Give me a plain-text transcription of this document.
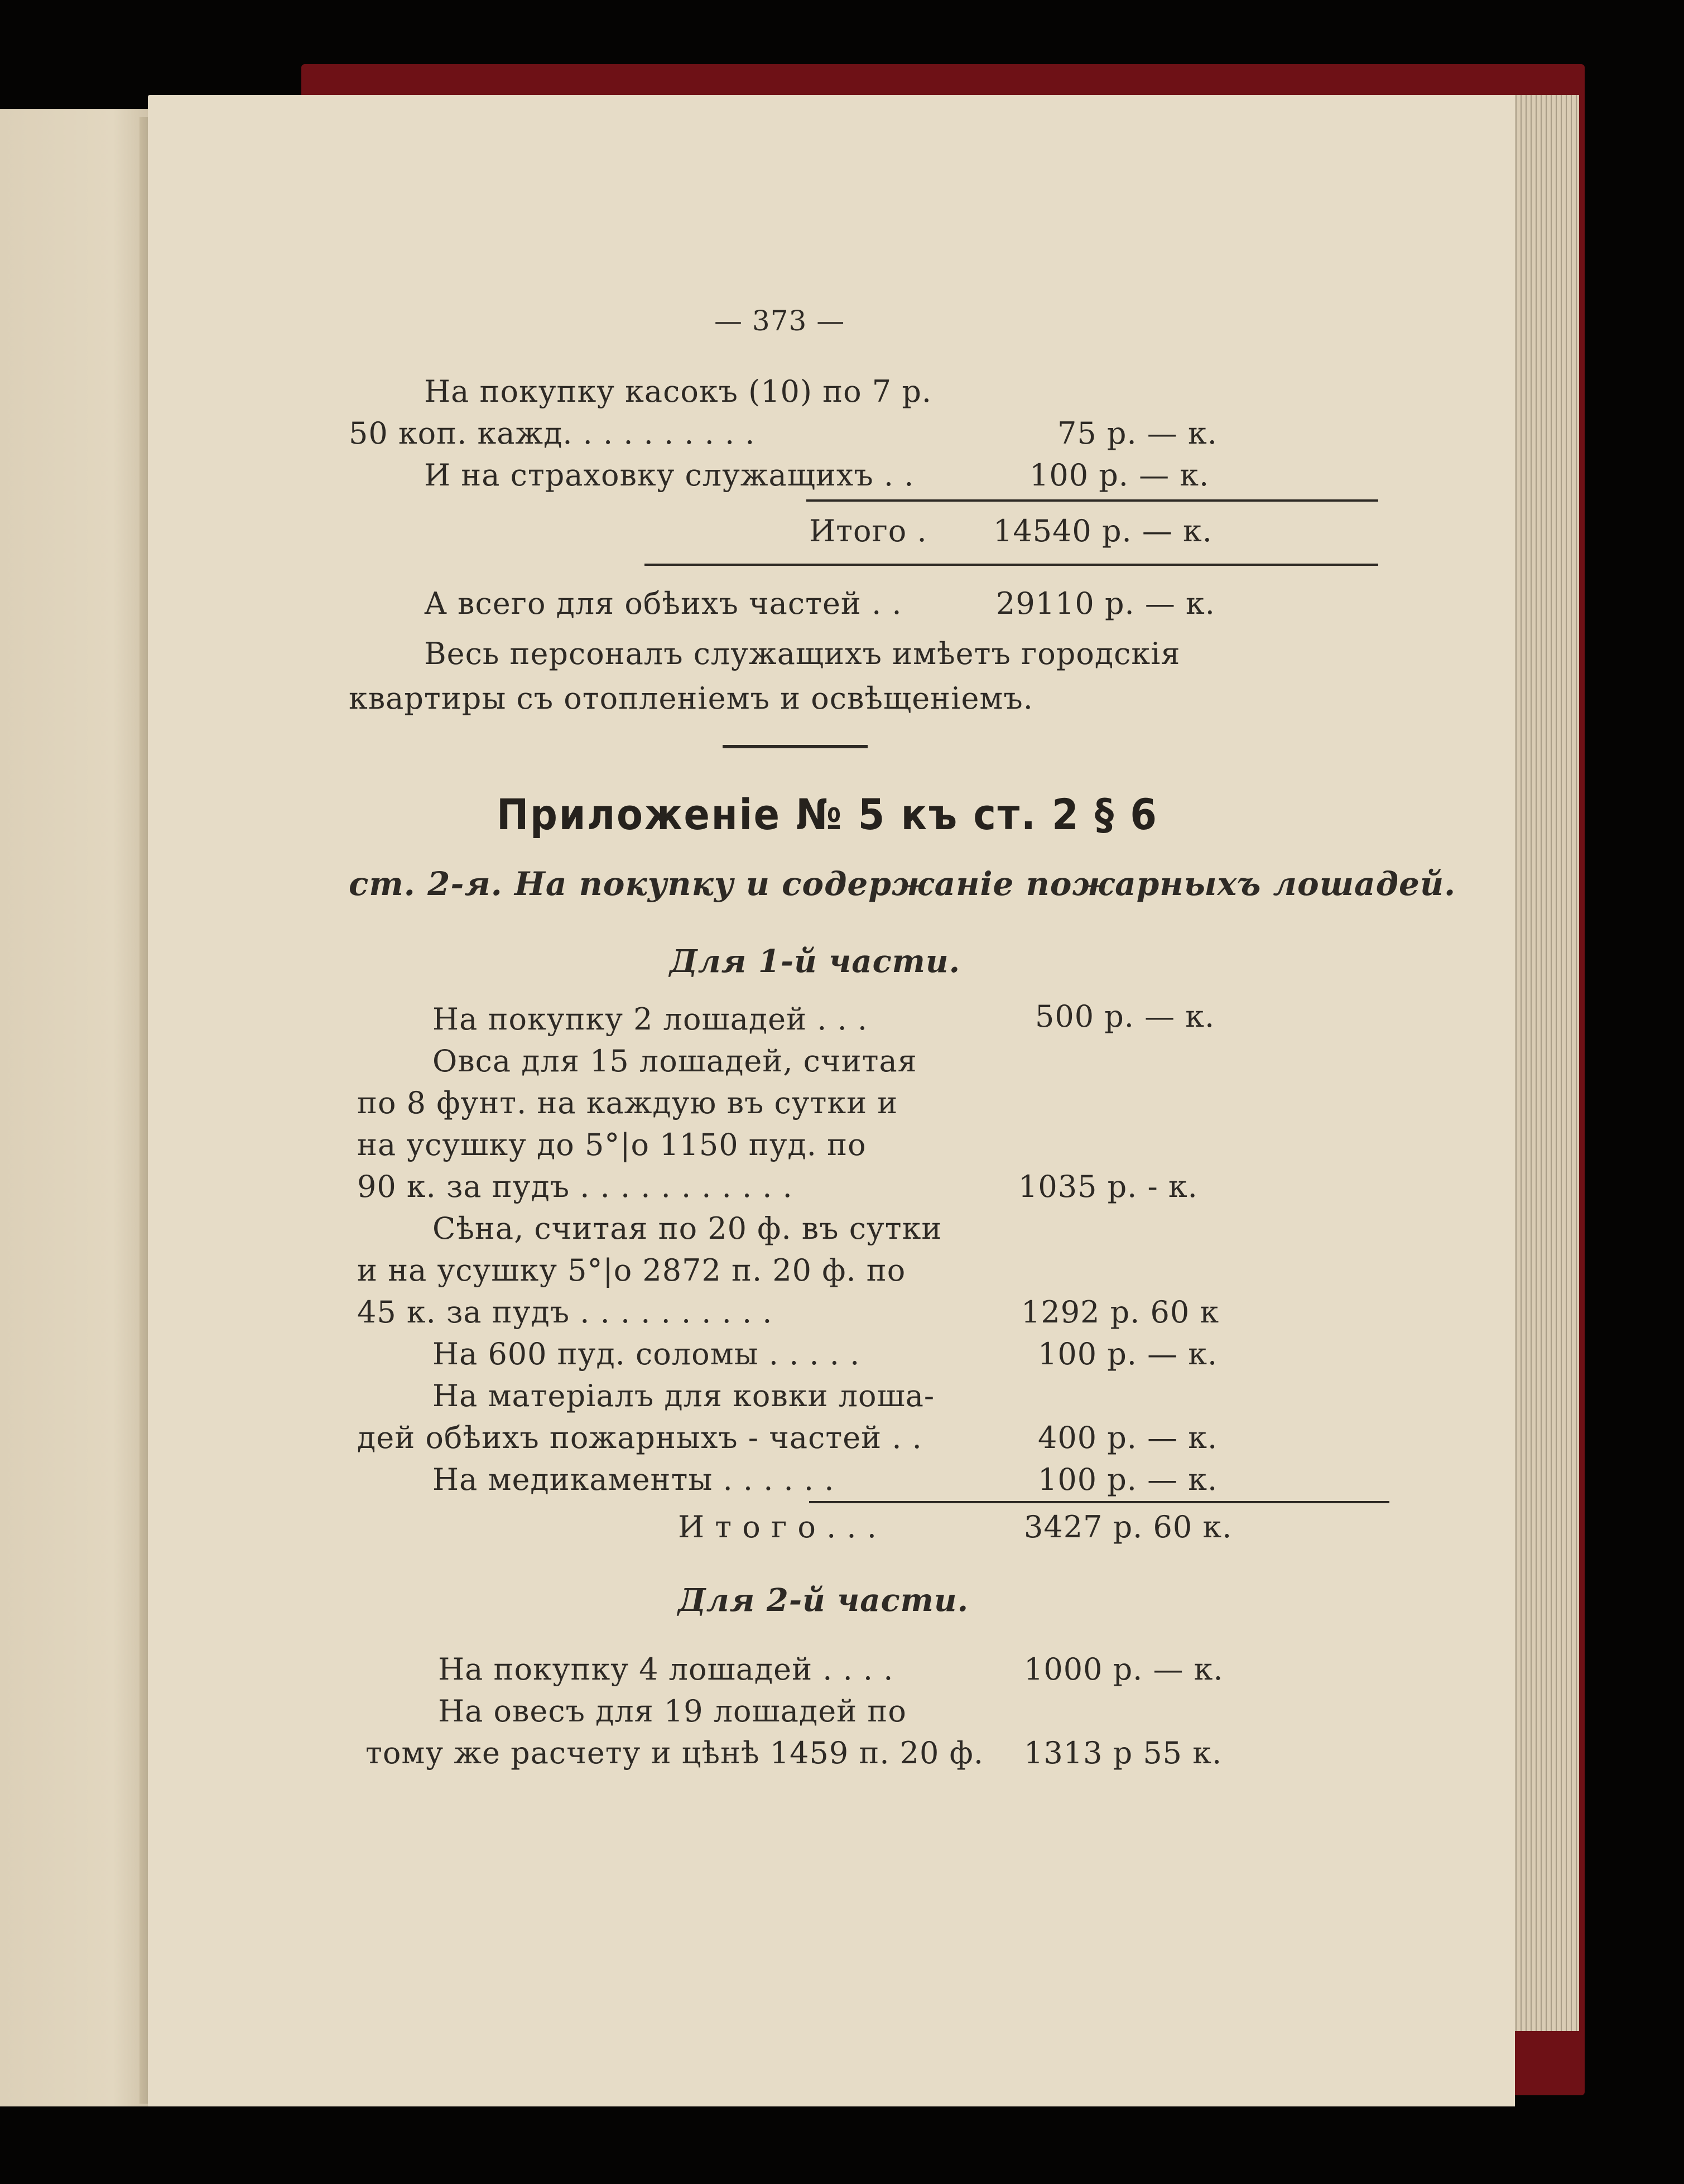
— 373 —
На покупку касокъ (10) по 7 р.
50 коп. кажд. . . . . . . . . .	75 р. — к.
И на страховку служащихъ . .	100 р. — к.
Итого . 14540 р. — к.
А всего для обѣихъ частей . .	29110 р. — к.
Весь персоналъ служащихъ имѣетъ городскія
квартиры съ отопленіемъ и освѣщеніемъ.
Приложеніе № 5 къ ст. 2 § 6
ст. 2-я. На покупку и содержаніе пожарныхъ лошадей.
Для 1-й части.
На покупку 2 лошадей . . .	500 р. — к.
Овса для 15 лошадей, считая
по 8 фунт. на каждую въ сутки и
на усушку до 5°|о 1150 пуд. по
90 к. за пудъ . . . . . . . . . . .	1035 р. - к.
Сѣна, считая по 20 ф. въ сутки
и на усушку 5°|о 2872 п. 20 ф. по
45 к. за пудъ . . . . . . . . . .	1292 р. 60 к
На 600 пуд. соломы . . . . .	100 р. — к.
На матеріалъ для ковки лоша-
дей обѣихъ пожарныхъ - частей . .	400 р. — к.
На медикаменты . . . . . .	100 р. — к.
И т о г о . . .	3427 р. 60 к.
Для 2-й части.
На покупку 4 лошадей . . . .	1000 р. — к.
На овесъ для 19 лошадей по
тому же расчету и цѣнѣ 1459 п. 20 ф. 1313 р 55 к.
